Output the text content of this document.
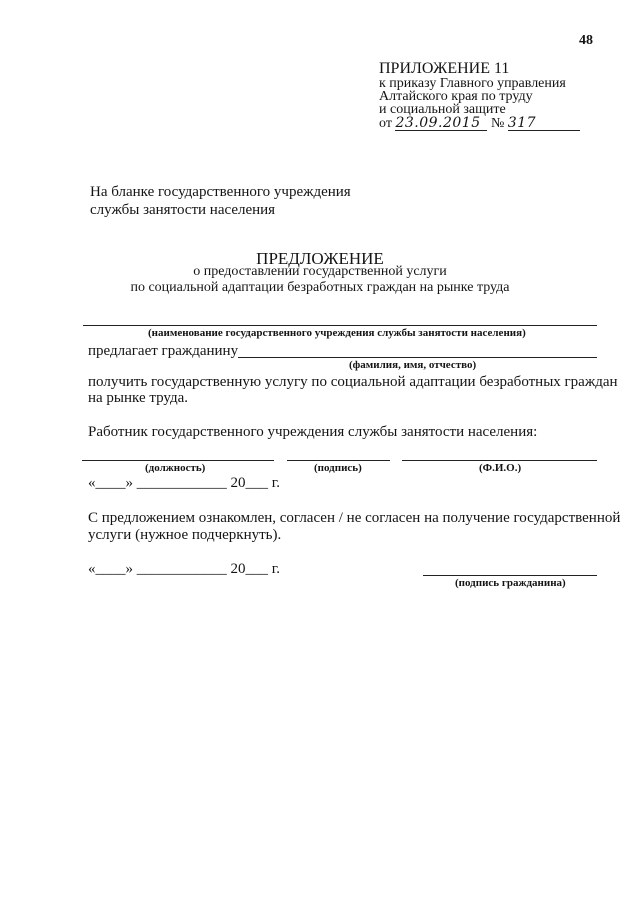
48
ПРИЛОЖЕНИЕ 11
к приказу Главного управления
Алтайского края по труду
и социальной защите
от 23.09.2015 № 317
На бланке государственного учреждения
службы занятости населения
ПРЕДЛОЖЕНИЕ
о предоставлении государственной услуги
по социальной адаптации безработных граждан на рынке труда
(наименование государственного учреждения службы занятости населения)
предлагает гражданину
(фамилия, имя, отчество)
получить государственную услугу по социальной адаптации безработных граждан
на рынке труда.
Работник государственного учреждения службы занятости населения:
(должность)	(подпись)	(Ф.И.О.)
«____» ____________ 20___ г.
С предложением ознакомлен, согласен / не согласен на получение государственной
услуги (нужное подчеркнуть).
«____» ____________ 20___ г.
(подпись гражданина)
